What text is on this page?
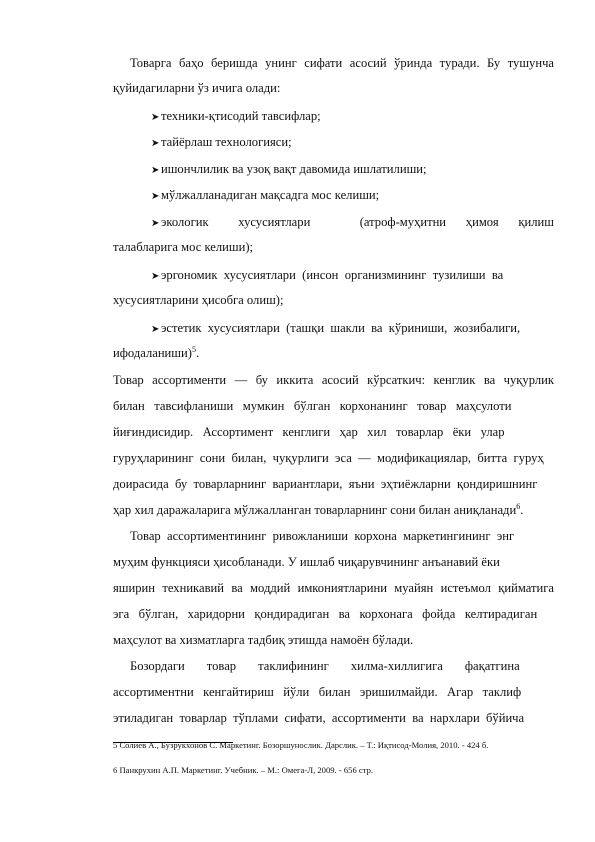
Товарга баҳо беришда унинг сифати асосий ўринда туради. Бу тушунча
қуйидагиларни ўз ичига олади:
➤ техники-қтисодий тавсифлар;
➤ тайёрлаш технологияси;
➤ ишончлилик ва узоқ вақт давомида ишлатилиши;
➤ мўлжалланадиган мақсадга мос келиши;
➤ экологик   хусусиятлари     (атроф-муҳитни  ҳимоя  қилиш
талабларига мос келиши);
➤ эргономик  хусусиятлари  (инсон  организмининг  тузилиши  ва
хусусиятларини ҳисобга олиш);
➤ эстетик  хусусиятлари  (ташқи  шакли  ва  кўриниши,  жозибалиги,
ифодаланиши)$^5$.
Товар ассортименти — бу иккита асосий кўрсаткич: кенглик ва чуқурлик
билан   тавсифланиши   мумкин   бўлган   корхонанинг   товар   маҳсулоти
йиғиндисидир.   Ассортимент   кенглиги   ҳар   хил   товарлар   ёки   улар
гуруҳларининг  сони  билан,  чуқурлиги  эса  —  модификациялар,  битта  гуруҳ
доирасида  бу  товарларнинг  вариантлари,  яъни  эҳтиёжларни  қондиришнинг
ҳар хил даражаларига мўлжалланган товарларнинг сони билан аниқланади$^6$.
Товар  ассортиментининг  ривожланиши  корхона  маркетингининг  энг
муҳим функцияси ҳисобланади. У ишлаб чиқарувчининг анъанавий ёки
яширин техникавий ва моддий имкониятларини муайян истеъмол қийматига
эга   бўлган,   харидорни   қондирадиган   ва   корхонага   фойда   келтирадиган
маҳсулот ва хизматларга тадбиқ этишда намоён бўлади.
Бозордаги       товар       таклифининг       хилма-хиллигига       фақатгина
ассортиментни   кенгайтириш   йўли   билан   эришилмайди.   Агар   таклиф
этиладиган  товарлар  тўплами  сифати,  ассортименти  ва  нархлари  бўйича
5 Солиев А., Бузрукхонов С. Маркетинг. Бозоршунослик. Дарслик. – Т.: Иқтисод-Молия, 2010. - 424 б.
6 Панкрухин А.П. Маркетинг. Учебник. – М.: Омега-Л, 2009. - 656 стр.
